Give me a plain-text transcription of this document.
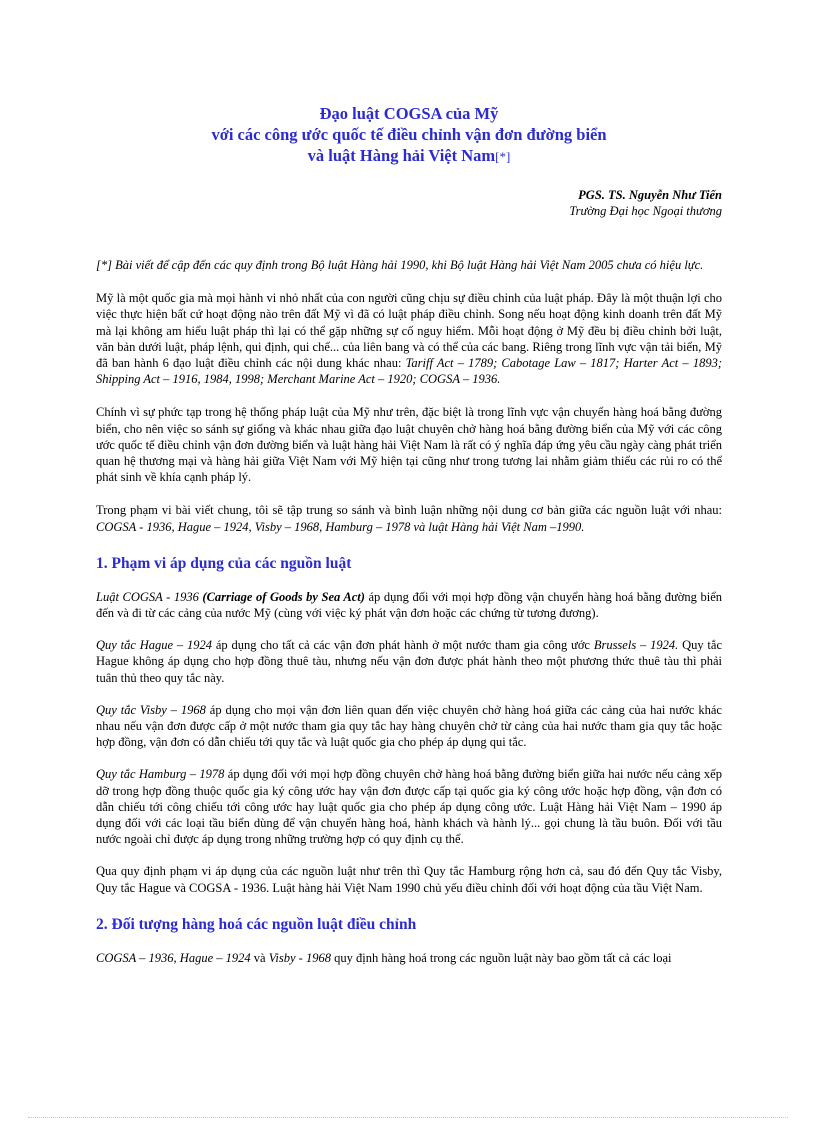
Đạo luật COGSA của Mỹ
với các công ước quốc tế điều chỉnh vận đơn đường biển
và luật Hàng hải Việt Nam[*]
PGS. TS. Nguyễn Như Tiến
Trường Đại học Ngoại thương

[*] Bài viết để cập đến các quy định trong Bộ luật Hàng hải 1990, khi Bộ luật Hàng hải Việt Nam 2005 chưa có hiệu lực.

Mỹ là một quốc gia mà mọi hành vi nhỏ nhất của con người cũng chịu sự điều chỉnh của luật pháp. Đây là một thuận lợi cho việc thực hiện bất cứ hoạt động nào trên đất Mỹ vì đã có luật pháp điều chỉnh. Song nếu hoạt động kinh doanh trên đất Mỹ mà lại không am hiểu luật pháp thì lại có thể gặp những sự cố nguy hiểm. Mỗi hoạt động ở Mỹ đều bị điều chỉnh bởi luật, văn bản dưới luật, pháp lệnh, qui định, qui chế... của liên bang và có thể của các bang. Riêng trong lĩnh vực vận tải biển, Mỹ đã ban hành 6 đạo luật điều chỉnh các nội dung khác nhau: Tariff Act – 1789; Cabotage Law – 1817; Harter Act – 1893; Shipping Act – 1916, 1984, 1998; Merchant Marine Act – 1920; COGSA – 1936.

Chính vì sự phức tạp trong hệ thống pháp luật của Mỹ như trên, đặc biệt là trong lĩnh vực vận chuyển hàng hoá bằng đường biển, cho nên việc so sánh sự giống và khác nhau giữa đạo luật chuyên chở hàng hoá bằng đường biển của Mỹ với các công ước quốc tế điều chỉnh vận đơn đường biển và luật hàng hải Việt Nam là rất có ý nghĩa đáp ứng yêu cầu ngày càng phát triển quan hệ thương mại và hàng hải giữa Việt Nam với Mỹ hiện tại cũng như trong tương lai nhằm giảm thiểu các rủi ro có thể phát sinh về khía cạnh pháp lý.

Trong phạm vi bài viết chung, tôi sẽ tập trung so sánh và bình luận những nội dung cơ bản giữa các nguồn luật với nhau: COGSA - 1936, Hague – 1924, Visby – 1968, Hamburg – 1978 và luật Hàng hải Việt Nam –1990.

1. Phạm vi áp dụng của các nguồn luật

Luật COGSA - 1936 (Carriage of Goods by Sea Act) áp dụng đối với mọi hợp đồng vận chuyển hàng hoá bằng đường biển đến và đi từ các cảng của nước Mỹ (cùng với việc ký phát vận đơn hoặc các chứng từ tương đương).

Quy tắc Hague – 1924 áp dụng cho tất cả các vận đơn phát hành ở một nước tham gia công ước Brussels – 1924. Quy tắc Hague không áp dụng cho hợp đồng thuê tàu, nhưng nếu vận đơn được phát hành theo một phương thức thuê tàu thì phải tuân thủ theo quy tắc này.

Quy tắc Visby – 1968 áp dụng cho mọi vận đơn liên quan đến việc chuyên chở hàng hoá giữa các cảng của hai nước khác nhau nếu vận đơn được cấp ở một nước tham gia quy tắc hay hàng chuyên chở từ cảng của hai nước tham gia quy tắc hoặc hợp đồng, vận đơn có dẫn chiếu tới quy tắc và luật quốc gia cho phép áp dụng qui tắc.

Quy tắc Hamburg – 1978 áp dụng đối với mọi hợp đồng chuyên chở hàng hoá bằng đường biển giữa hai nước nếu cảng xếp dỡ trong hợp đồng thuộc quốc gia ký công ước hay vận đơn được cấp tại quốc gia ký công ước hoặc hợp đồng, vận đơn có dẫn chiếu tới công chiếu tới công ước hay luật quốc gia cho phép áp dụng công ước. Luật Hàng hải Việt Nam – 1990 áp dụng đối với các loại tầu biển dùng để vận chuyển hàng hoá, hành khách và hành lý... gọi chung là tầu buôn. Đối với tầu nước ngoài chỉ được áp dụng trong những trường hợp có quy định cụ thể.

Qua quy định phạm vi áp dụng của các nguồn luật như trên thì Quy tắc Hamburg rộng hơn cả, sau đó đến Quy tắc Visby, Quy tắc Hague và COGSA - 1936. Luật hàng hải Việt Nam 1990 chủ yếu điều chỉnh đối với hoạt động của tầu Việt Nam.

2. Đối tượng hàng hoá các nguồn luật điều chỉnh

COGSA – 1936, Hague – 1924 và Visby - 1968 quy định hàng hoá trong các nguồn luật này bao gồm tất cả các loại
